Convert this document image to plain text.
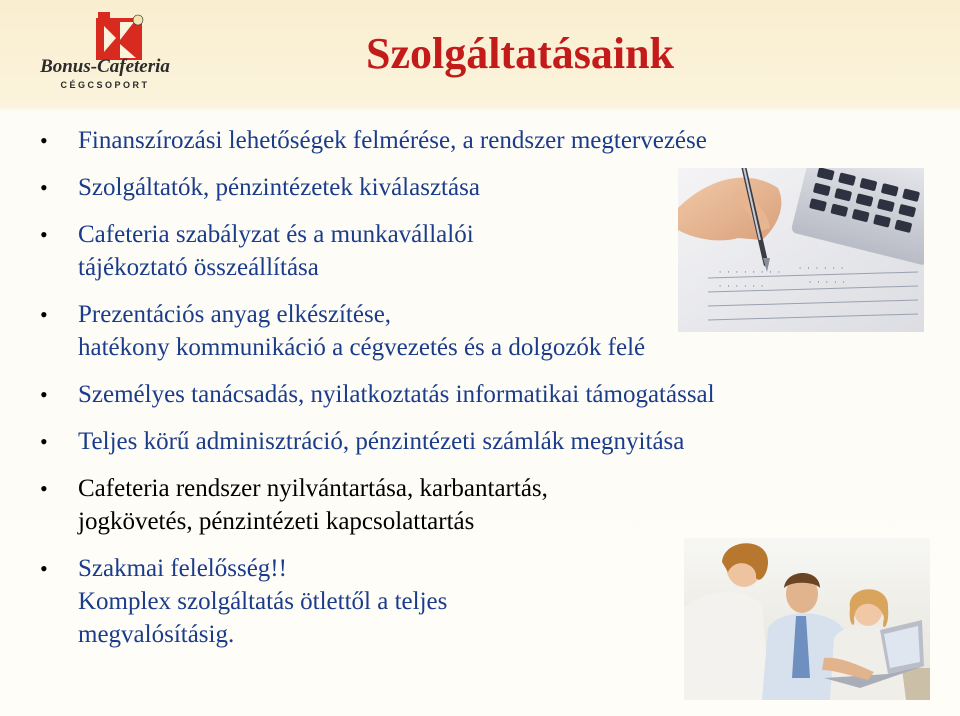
Bonus-Cafeteria
CÉGCSOPORT
Szolgáltatásaink
• Finanszírozási lehetőségek felmérése, a rendszer megtervezése
• Szolgáltatók, pénzintézetek kiválasztása
• Cafeteria szabályzat és a munkavállalói
tájékoztató összeállítása
• Prezentációs anyag elkészítése,
hatékony kommunikáció a cégvezetés és a dolgozók felé
• Személyes tanácsadás, nyilatkoztatás informatikai támogatással
• Teljes körű adminisztráció, pénzintézeti számlák megnyitása
• Cafeteria rendszer nyilvántartása, karbantartás,
jogkövetés, pénzintézeti kapcsolattartás
• Szakmai felelősség!!
Komplex szolgáltatás ötlettől a teljes
megvalósításig.
· · · · · · · · · · · · · ·
· · · · · ·	· · · · ·
